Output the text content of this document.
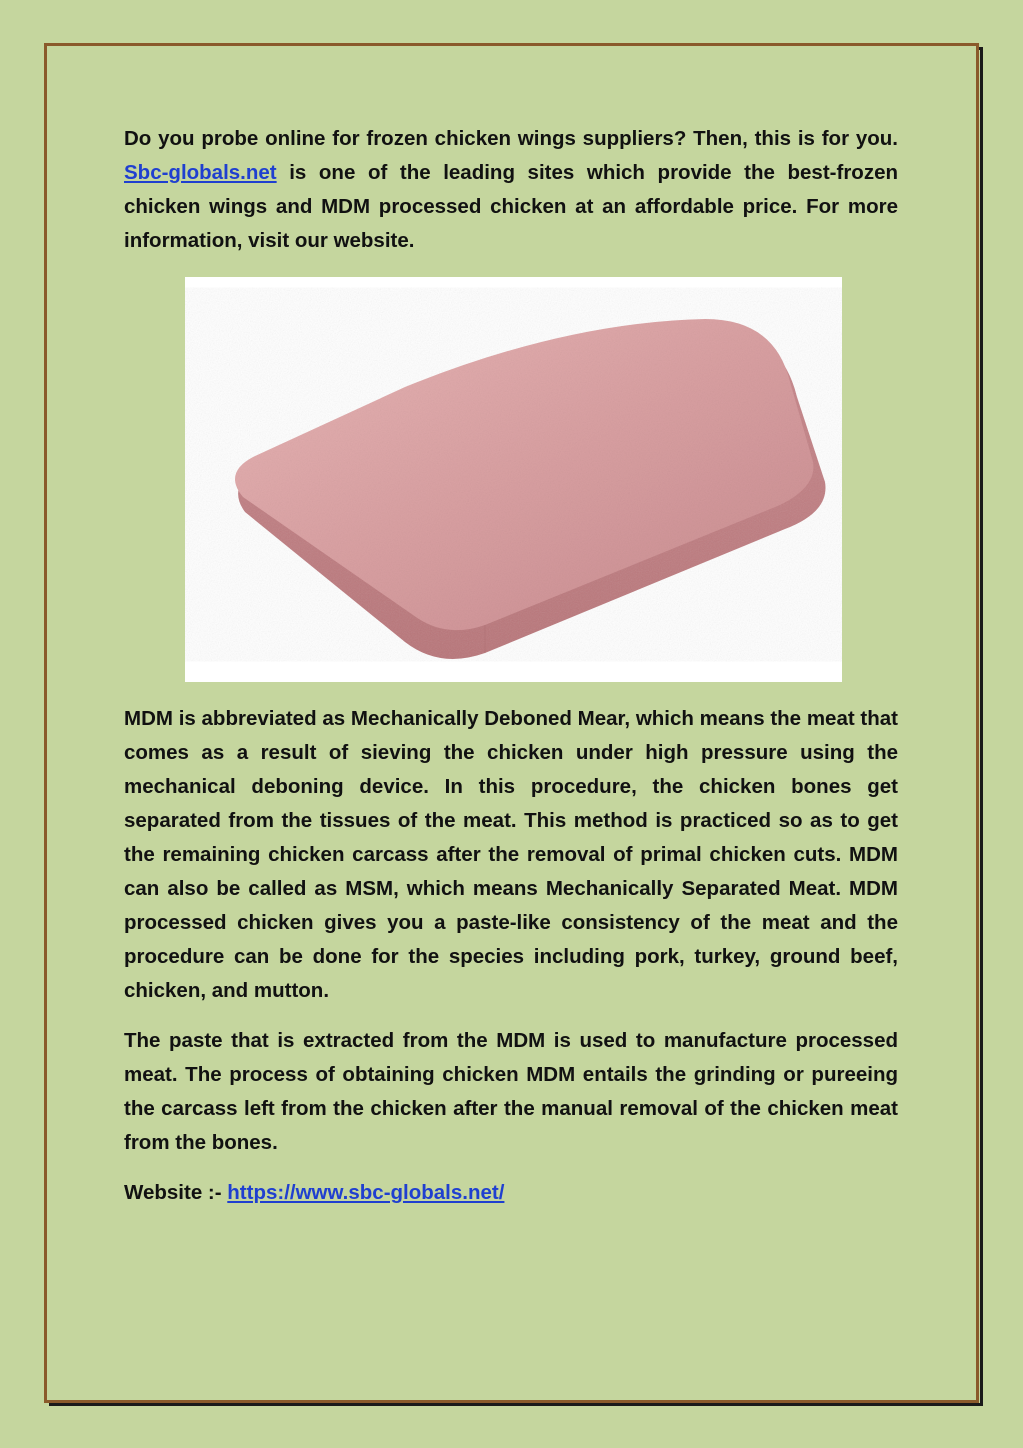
Do you probe online for frozen chicken wings suppliers? Then, this is for you. Sbc-globals.net is one of the leading sites which provide the best-frozen chicken wings and MDM processed chicken at an affordable price. For more information, visit our website.

MDM is abbreviated as Mechanically Deboned Mear, which means the meat that comes as a result of sieving the chicken under high pressure using the mechanical deboning device. In this procedure, the chicken bones get separated from the tissues of the meat. This method is practiced so as to get the remaining chicken carcass after the removal of primal chicken cuts. MDM can also be called as MSM, which means Mechanically Separated Meat. MDM processed chicken gives you a paste-like consistency of the meat and the procedure can be done for the species including pork, turkey, ground beef, chicken, and mutton.

The paste that is extracted from the MDM is used to manufacture processed meat. The process of obtaining chicken MDM entails the grinding or pureeing the carcass left from the chicken after the manual removal of the chicken meat from the bones.

Website :- https://www.sbc-globals.net/
